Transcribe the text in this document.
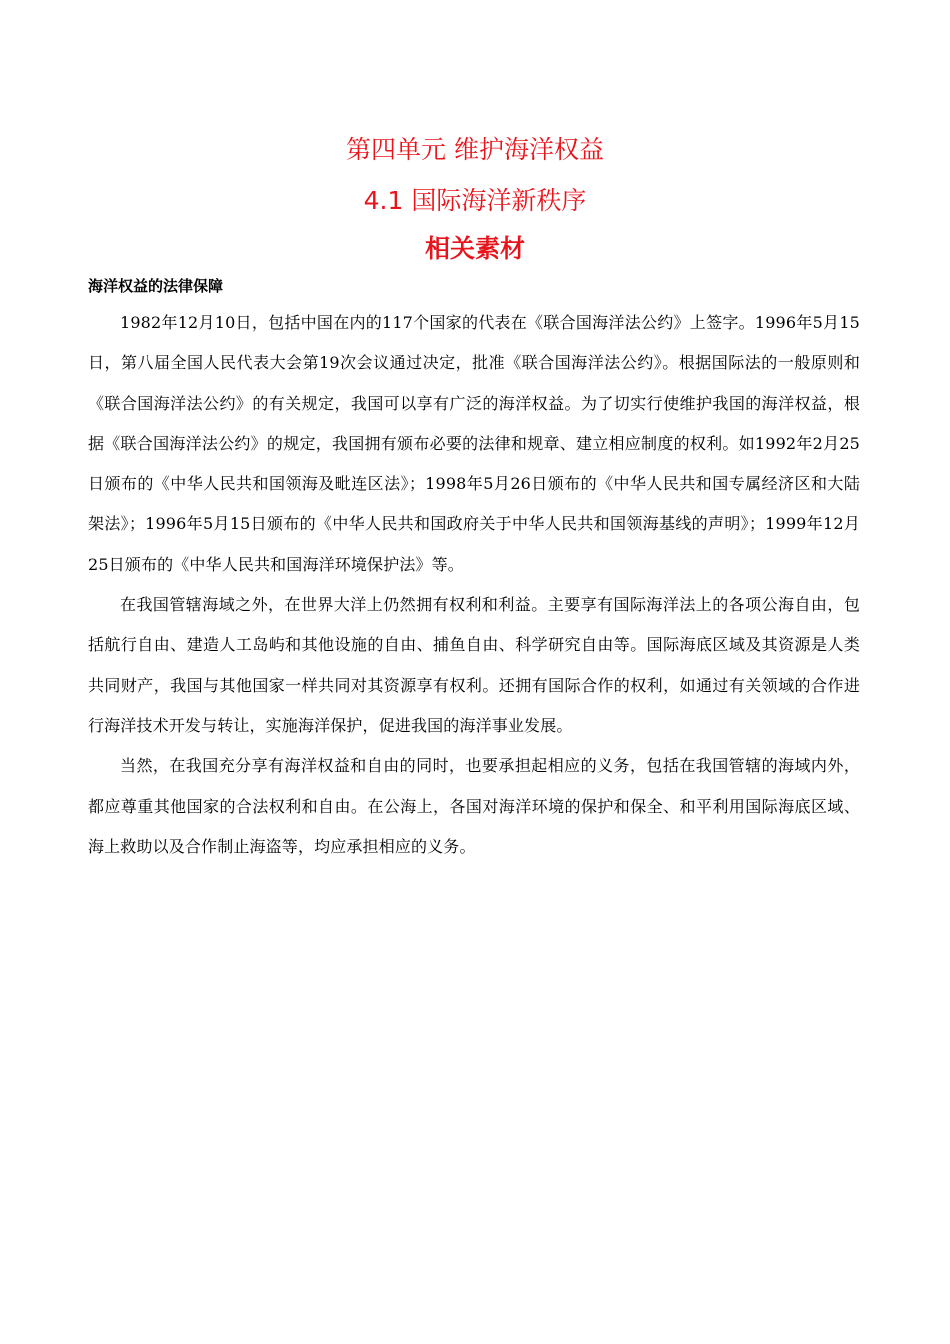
第四单元 维护海洋权益
4.1 国际海洋新秩序
相关素材
海洋权益的法律保障

1982年12月10日，包括中国在内的117个国家的代表在《联合国海洋法公约》上签字。1996年5月15日，第八届全国人民代表大会第19次会议通过决定，批准《联合国海洋法公约》。根据国际法的一般原则和《联合国海洋法公约》的有关规定，我国可以享有广泛的海洋权益。为了切实行使维护我国的海洋权益，根据《联合国海洋法公约》的规定，我国拥有颁布必要的法律和规章、建立相应制度的权利。如1992年2月25日颁布的《中华人民共和国领海及毗连区法》；1998年5月26日颁布的《中华人民共和国专属经济区和大陆架法》；1996年5月15日颁布的《中华人民共和国政府关于中华人民共和国领海基线的声明》；1999年12月25日颁布的《中华人民共和国海洋环境保护法》等。

在我国管辖海域之外，在世界大洋上仍然拥有权利和利益。主要享有国际海洋法上的各项公海自由，包括航行自由、建造人工岛屿和其他设施的自由、捕鱼自由、科学研究自由等。国际海底区域及其资源是人类共同财产，我国与其他国家一样共同对其资源享有权利。还拥有国际合作的权利，如通过有关领域的合作进行海洋技术开发与转让，实施海洋保护，促进我国的海洋事业发展。

当然，在我国充分享有海洋权益和自由的同时，也要承担起相应的义务，包括在我国管辖的海域内外，都应尊重其他国家的合法权利和自由。在公海上，各国对海洋环境的保护和保全、和平利用国际海底区域、海上救助以及合作制止海盗等，均应承担相应的义务。
